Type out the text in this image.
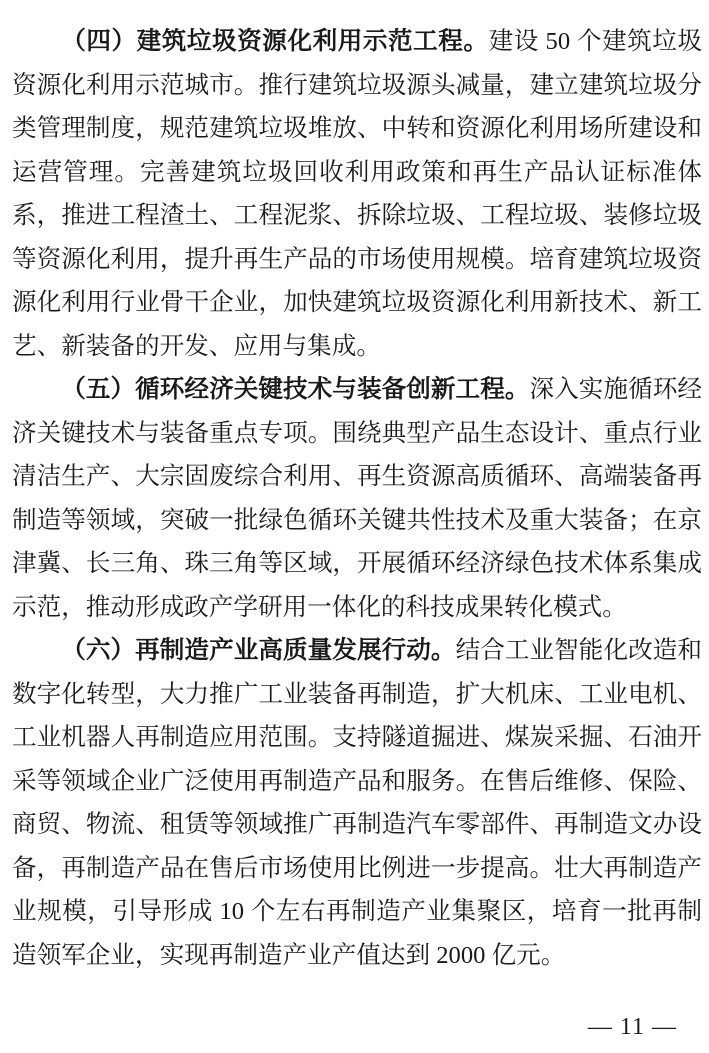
（四）建筑垃圾资源化利用示范工程。建设 50 个建筑垃圾资源化利用示范城市。推行建筑垃圾源头减量，建立建筑垃圾分类管理制度，规范建筑垃圾堆放、中转和资源化利用场所建设和运营管理。完善建筑垃圾回收利用政策和再生产品认证标准体系，推进工程渣土、工程泥浆、拆除垃圾、工程垃圾、装修垃圾等资源化利用，提升再生产品的市场使用规模。培育建筑垃圾资源化利用行业骨干企业，加快建筑垃圾资源化利用新技术、新工艺、新装备的开发、应用与集成。

（五）循环经济关键技术与装备创新工程。深入实施循环经济关键技术与装备重点专项。围绕典型产品生态设计、重点行业清洁生产、大宗固废综合利用、再生资源高质循环、高端装备再制造等领域，突破一批绿色循环关键共性技术及重大装备；在京津冀、长三角、珠三角等区域，开展循环经济绿色技术体系集成示范，推动形成政产学研用一体化的科技成果转化模式。

（六）再制造产业高质量发展行动。结合工业智能化改造和数字化转型，大力推广工业装备再制造，扩大机床、工业电机、工业机器人再制造应用范围。支持隧道掘进、煤炭采掘、石油开采等领域企业广泛使用再制造产品和服务。在售后维修、保险、商贸、物流、租赁等领域推广再制造汽车零部件、再制造文办设备，再制造产品在售后市场使用比例进一步提高。壮大再制造产业规模，引导形成 10 个左右再制造产业集聚区，培育一批再制造领军企业，实现再制造产业产值达到 2000 亿元。

— 11 —
